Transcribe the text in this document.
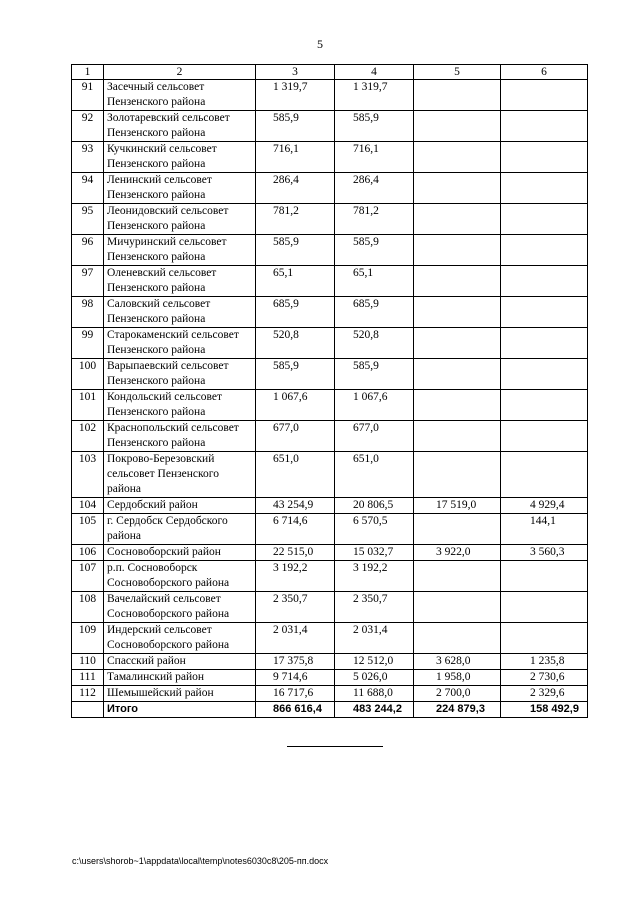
5
1	2	3	4	5	6
91	Засечный сельсовет Пензенского района	1 319,7	1 319,7		
92	Золотаревский сельсовет Пензенского района	585,9	585,9		
93	Кучкинский сельсовет Пензенского района	716,1	716,1		
94	Ленинский сельсовет Пензенского района	286,4	286,4		
95	Леонидовский сельсовет Пензенского района	781,2	781,2		
96	Мичуринский сельсовет Пензенского района	585,9	585,9		
97	Оленевский сельсовет Пензенского района	65,1	65,1		
98	Саловский сельсовет Пензенского района	685,9	685,9		
99	Старокаменский сельсовет Пензенского района	520,8	520,8		
100	Варыпаевский сельсовет Пензенского района	585,9	585,9		
101	Кондольский сельсовет Пензенского района	1 067,6	1 067,6		
102	Краснопольский сельсовет Пензенского района	677,0	677,0		
103	Покрово-Березовский сельсовет Пензенского района	651,0	651,0		
104	Сердобский район	43 254,9	20 806,5	17 519,0	4 929,4
105	г. Сердобск Сердобского района	6 714,6	6 570,5		144,1
106	Сосновоборский район	22 515,0	15 032,7	3 922,0	3 560,3
107	р.п. Сосновоборск Сосновоборского района	3 192,2	3 192,2		
108	Вачелайский сельсовет Сосновоборского района	2 350,7	2 350,7		
109	Индерский сельсовет Сосновоборского района	2 031,4	2 031,4		
110	Спасский район	17 375,8	12 512,0	3 628,0	1 235,8
111	Тамалинский район	9 714,6	5 026,0	1 958,0	2 730,6
112	Шемышейский район	16 717,6	11 688,0	2 700,0	2 329,6
	Итого	866 616,4	483 244,2	224 879,3	158 492,9
c:\users\shorob~1\appdata\local\temp\notes6030c8\205-пп.docx
